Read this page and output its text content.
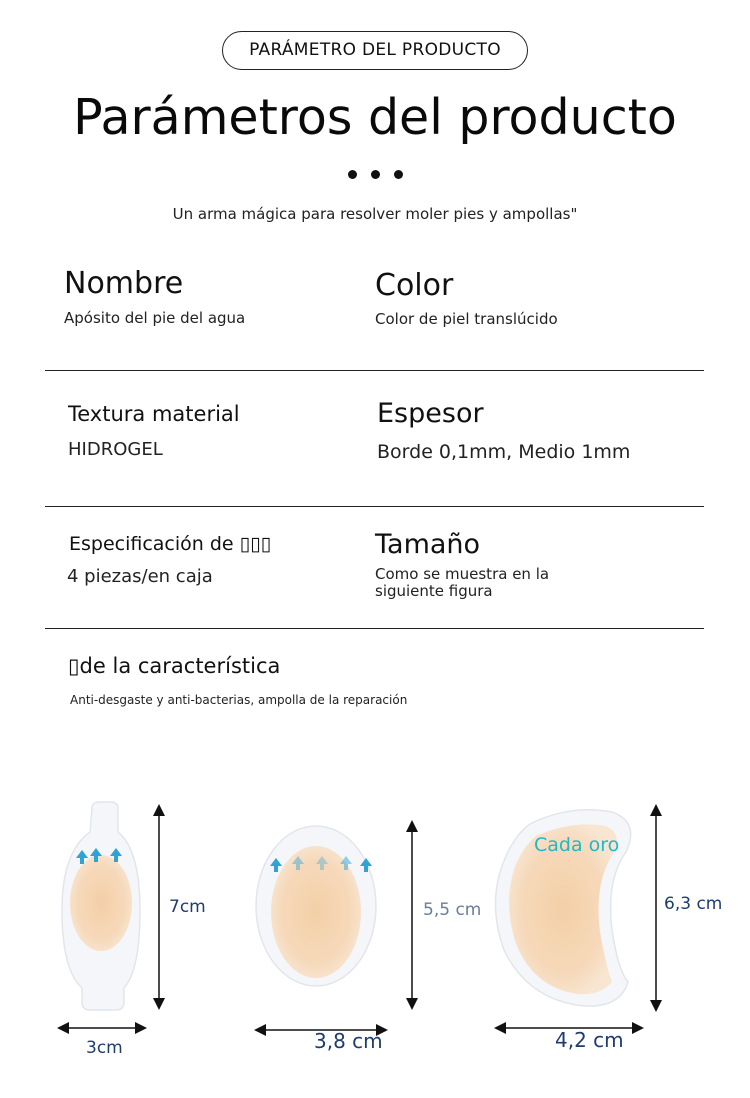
PARÁMETRO DEL PRODUCTO
Parámetros del producto
Un arma mágica para resolver moler pies y ampollas"
Nombre
Apósito del pie del agua
Color
Color de piel translúcido
Textura material
HIDROGEL
Espesor
Borde 0,1mm, Medio 1mm
Especificación de ▯▯▯
4 piezas/en caja
Tamaño
Como se muestra en la
siguiente figura
▯de la característica
Anti-desgaste y anti-bacterias, ampolla de la reparación
7cm
3cm
5,5 cm
3,8 cm
6,3 cm
4,2 cm
Cada oro
